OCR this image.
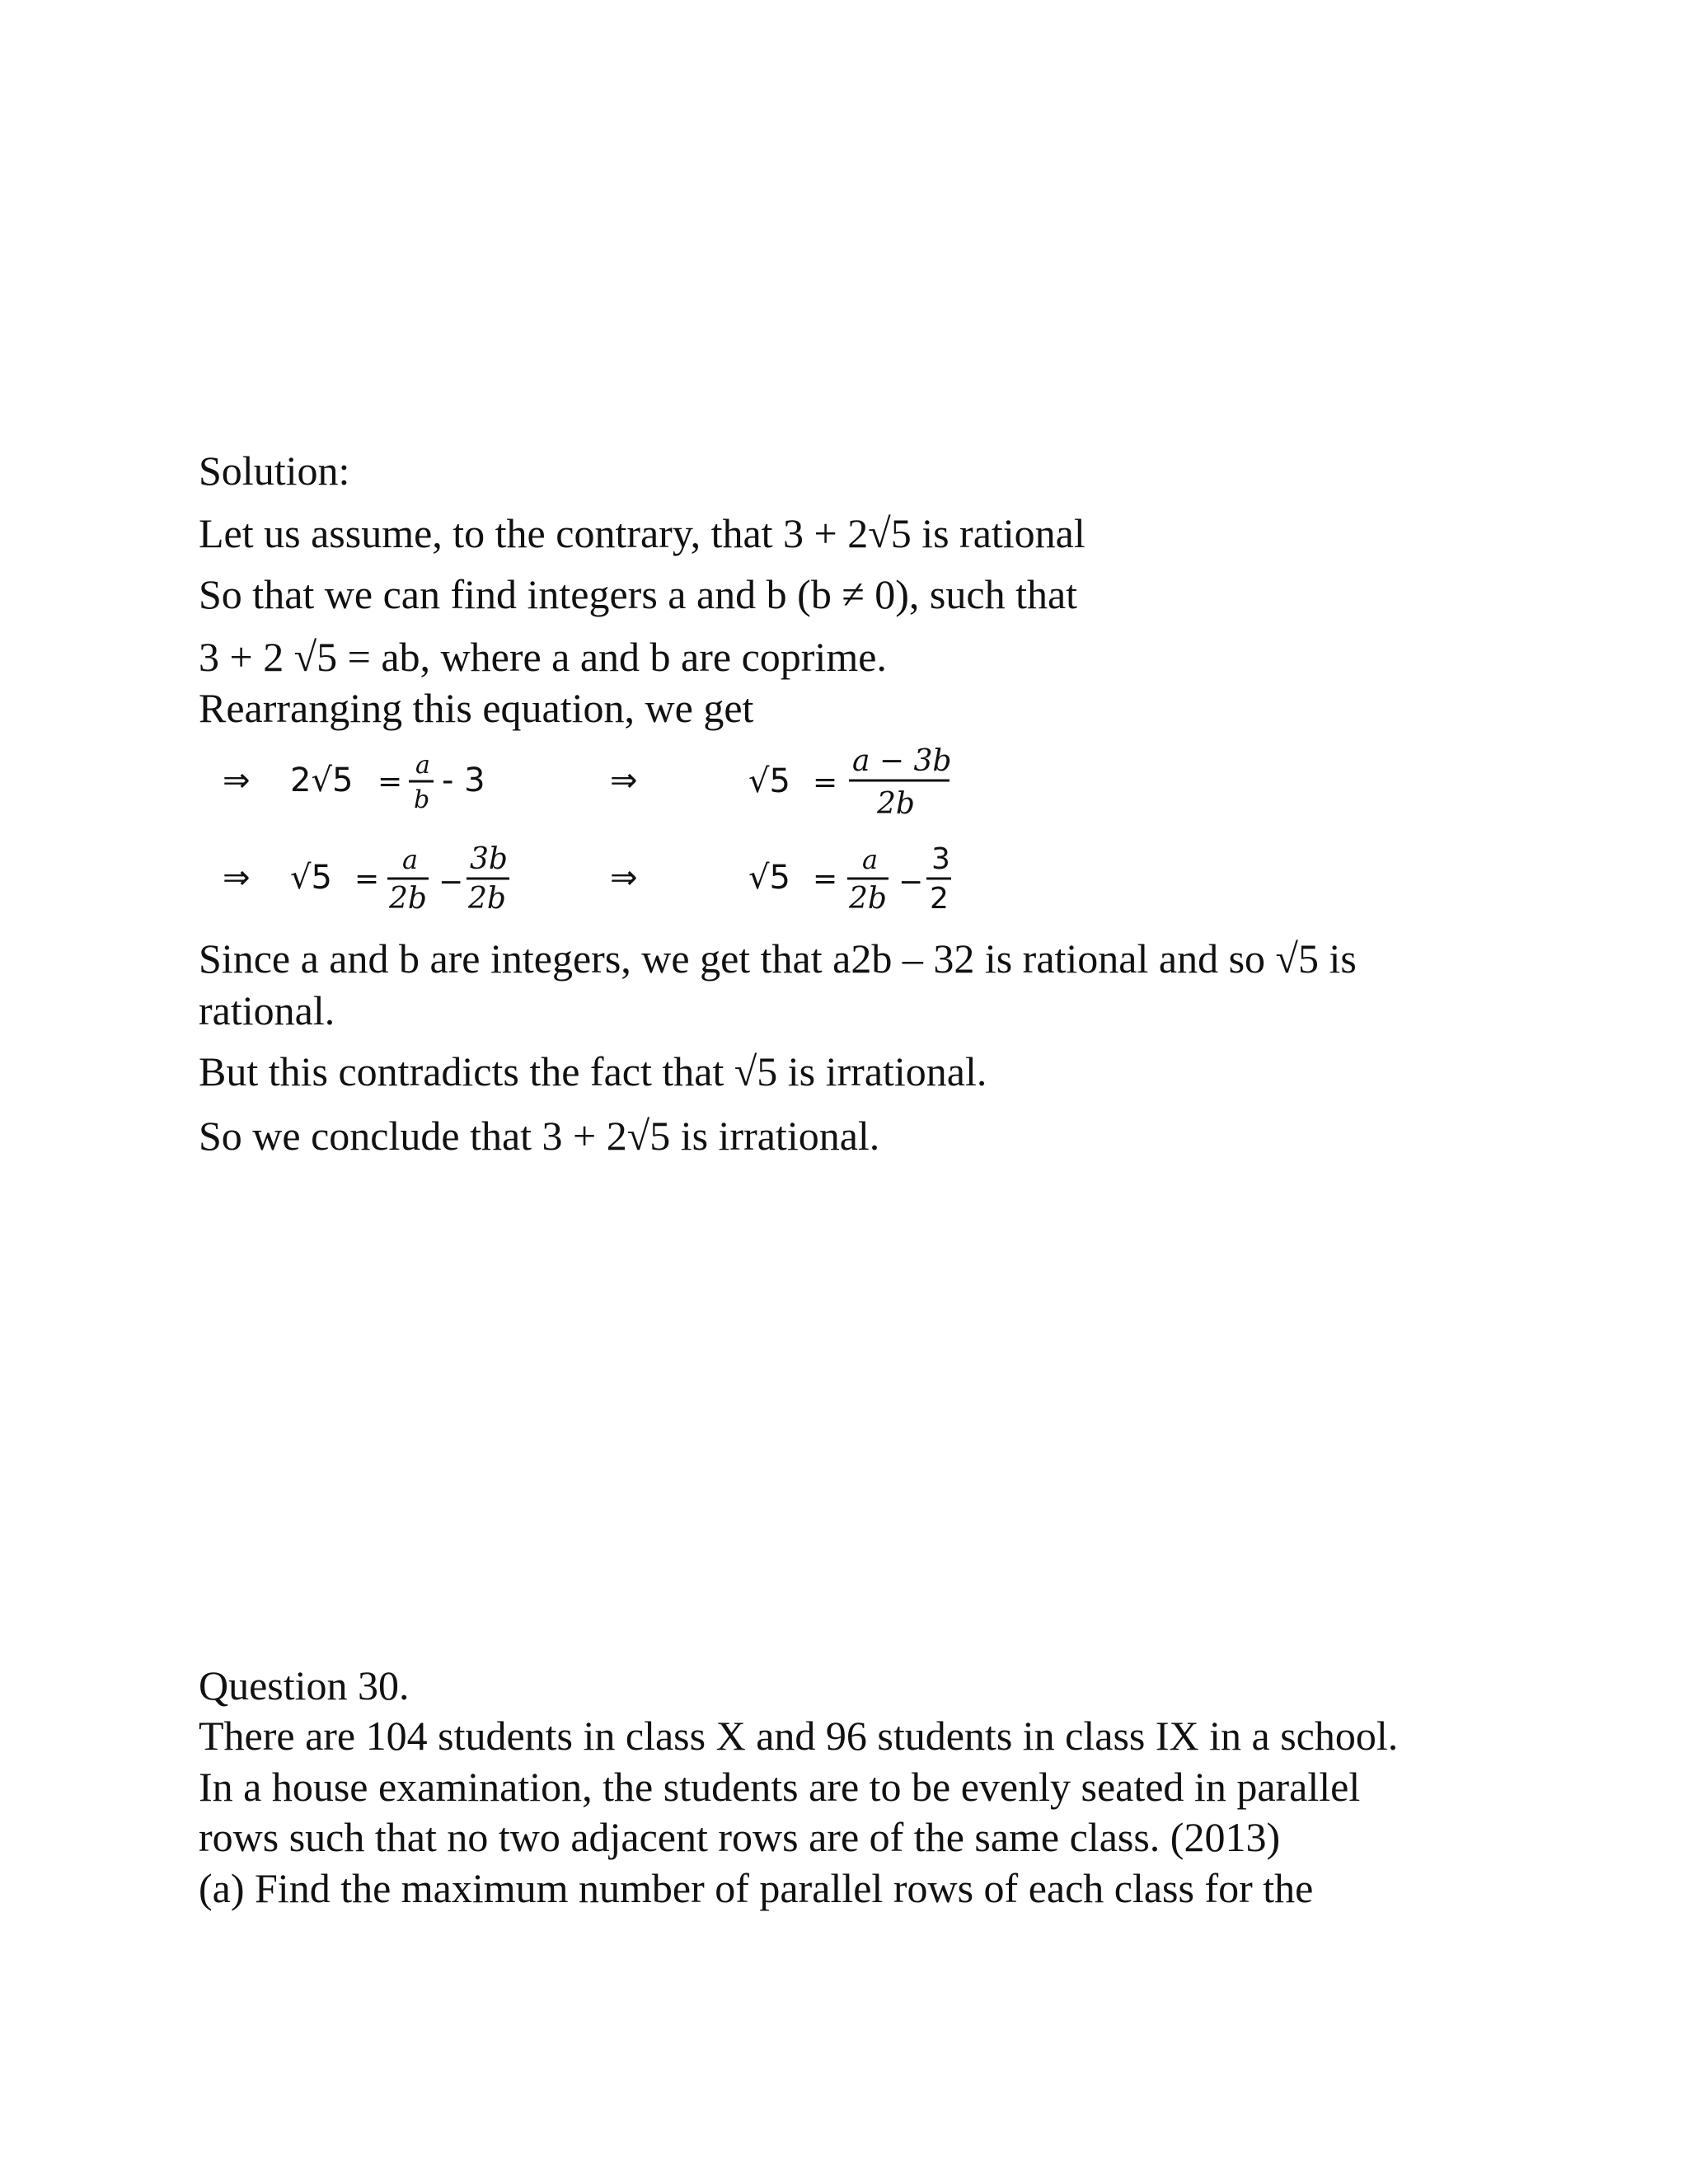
Solution:

Let us assume, to the contrary, that 3 + 2√5 is rational

So that we can find integers a and b (b ≠ 0), such that

3 + 2 √5 = ab, where a and b are coprime.

Rearranging this equation, we get

⇒ 2√5 = a
b
- 3	⇒	√5 =
a − 3b
2b
⇒ √5 =
a
2b −
3b
2b
⇒	√5 =
a
2b −
3
2

Since a and b are integers, we get that a2b – 32 is rational and so √5 is

rational.

But this contradicts the fact that √5 is irrational.

So we conclude that 3 + 2√5 is irrational.

Question 30.

There are 104 students in class X and 96 students in class IX in a school.

In a house examination, the students are to be evenly seated in parallel

rows such that no two adjacent rows are of the same class. (2013)

(a) Find the maximum number of parallel rows of each class for the
